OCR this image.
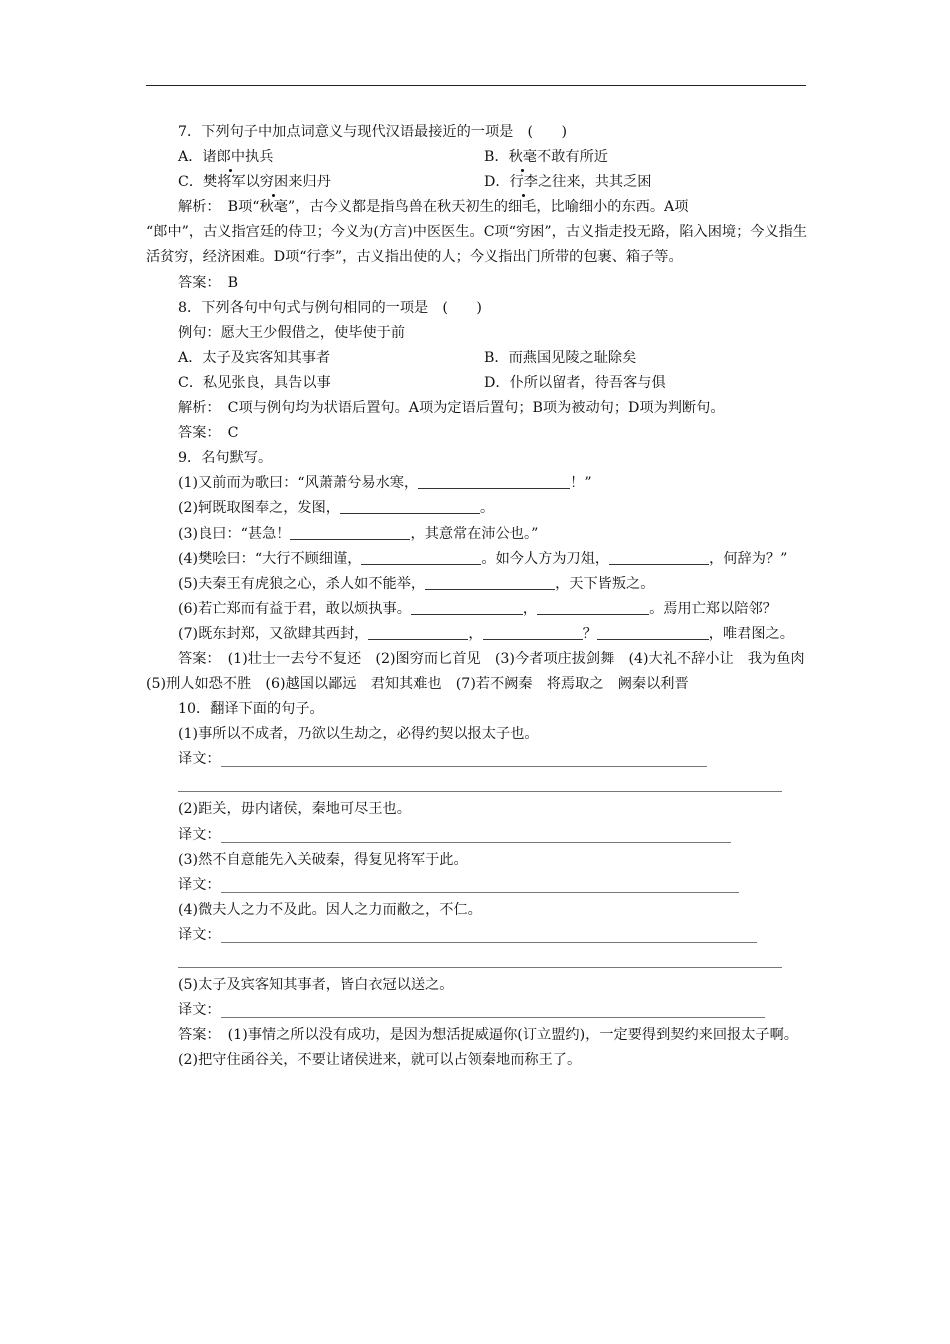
7．下列句子中加点词意义与现代汉语最接近的一项是　(　　)

A．诸郎中执兵	B．秋毫不敢有所近
C．樊将军以穷困来归丹	D．行李之往来，共其乏困

解析：　B项“秋毫”，古今义都是指鸟兽在秋天初生的细毛，比喻细小的东西。A项

“郎中”，古义指宫廷的侍卫；今义为(方言)中医医生。C项“穷困”，古义指走投无路，陷入困境；今义指生活贫穷，经济困难。D项“行李”，古义指出使的人；今义指出门所带的包裹、箱子等。

答案：　B

8．下列各句中句式与例句相同的一项是　(　　)

例句：愿大王少假借之，使毕使于前

A．太子及宾客知其事者	B．而燕国见陵之耻除矣
C．私见张良，具告以事	D．仆所以留者，待吾客与俱

解析：　C项与例句均为状语后置句。A项为定语后置句；B项为被动句；D项为判断句。

答案：　C

9．名句默写。

(1)又前而为歌曰：“风萧萧兮易水寒，	！”

(2)轲既取图奉之，发图，	。

(3)良曰：“甚急！	，其意常在沛公也。”

(4)樊哙曰：“大行不顾细谨，	。如今人方为刀俎，	，何辞为？”

(5)夫秦王有虎狼之心，杀人如不能举，	，天下皆叛之。

(6)若亡郑而有益于君，敢以烦执事。	，	。焉用亡郑以陪邻？

(7)既东封郑，又欲肆其西封，	，	？	，唯君图之。

答案：　(1)壮士一去兮不复还　(2)图穷而匕首见　(3)今者项庄拔剑舞　(4)大礼不辞小让　我为鱼肉　(5)刑人如恐不胜　(6)越国以鄙远　君知其难也　(7)若不阙秦　将焉取之　阙秦以利晋

10．翻译下面的句子。

(1)事所以不成者，乃欲以生劫之，必得约契以报太子也。

译文：

(2)距关，毋内诸侯，秦地可尽王也。

译文：

(3)然不自意能先入关破秦，得复见将军于此。

译文：

(4)微夫人之力不及此。因人之力而敝之，不仁。

译文：

(5)太子及宾客知其事者，皆白衣冠以送之。

译文：

答案：　(1)事情之所以没有成功，是因为想活捉威逼你(订立盟约)，一定要得到契约来回报太子啊。

(2)把守住函谷关，不要让诸侯进来，就可以占领秦地而称王了。
